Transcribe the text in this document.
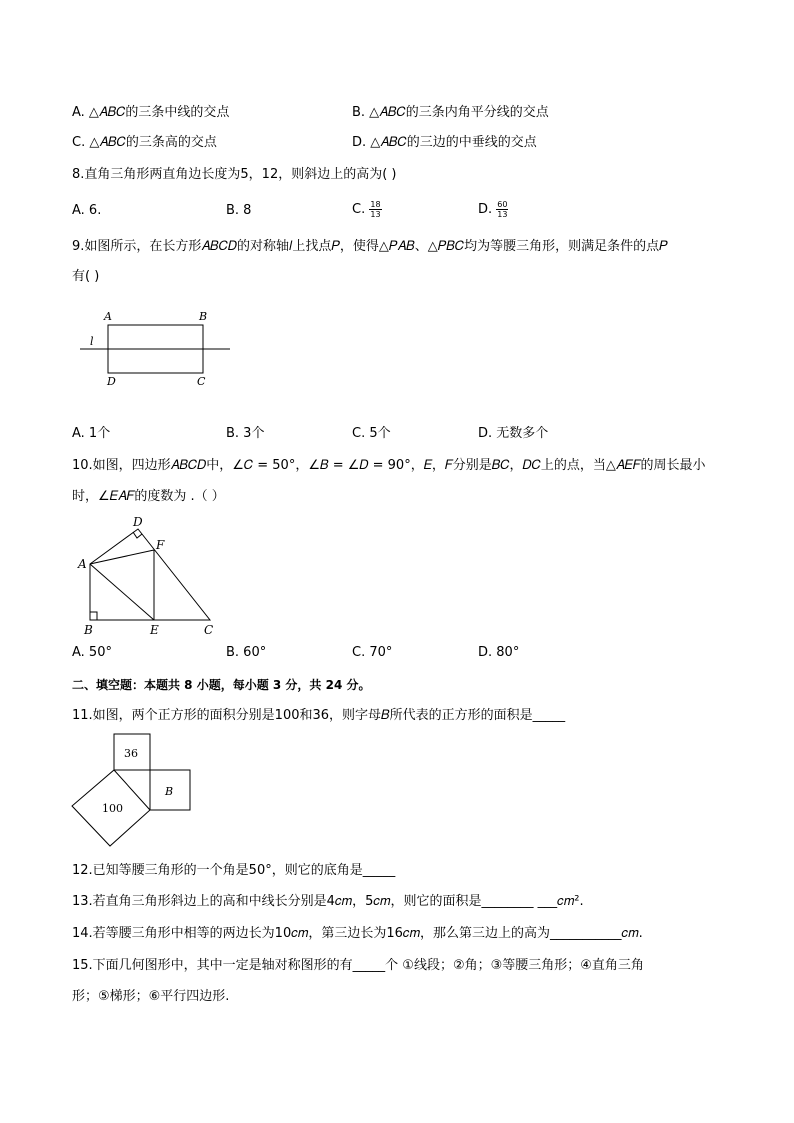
A. △𝐴𝐵𝐶的三条中线的交点	B. △𝐴𝐵𝐶的三条内角平分线的交点
C. △𝐴𝐵𝐶的三条高的交点	D. △𝐴𝐵𝐶的三边的中垂线的交点
8.直角三角形两直角边长度为5，12，则斜边上的高为( )
A. 6.	B. 8	C. $\frac{18}{13}$	D. $\frac{60}{13}$
9.如图所示，在长方形𝐴𝐵𝐶𝐷的对称轴𝑙上找点𝑃，使得△𝑃𝐴𝐵、△𝑃𝐵𝐶均为等腰三角形，则满足条件的点𝑃
有( )
A	B
l
D	C
A. 1个	B. 3个	C. 5个	D. 无数多个
10.如图，四边形𝐴𝐵𝐶𝐷中，∠𝐶 = 50°，∠𝐵 = ∠𝐷 = 90°，𝐸，𝐹分别是𝐵𝐶，𝐷𝐶上的点，当△𝐴𝐸𝐹的周长最小
时，∠𝐸𝐴𝐹的度数为 .（ ）
A
D
F
B	E	C
A. 50°	B. 60°	C. 70°	D. 80°
二、填空题：本题共 8 小题，每小题 3 分，共 24 分。
11.如图，两个正方形的面积分别是100和36，则字母𝐵所代表的正方形的面积是_____
36
100
B
12.已知等腰三角形的一个角是50°，则它的底角是_____
13.若直角三角形斜边上的高和中线长分别是4𝑐𝑚，5𝑐𝑚，则它的面积是________ ___𝑐𝑚².
14.若等腰三角形中相等的两边长为10𝑐𝑚，第三边长为16𝑐𝑚，那么第三边上的高为___________𝑐𝑚.
15.下面几何图形中，其中一定是轴对称图形的有_____个 ①线段；②角；③等腰三角形；④直角三角
形；⑤梯形；⑥平行四边形.
